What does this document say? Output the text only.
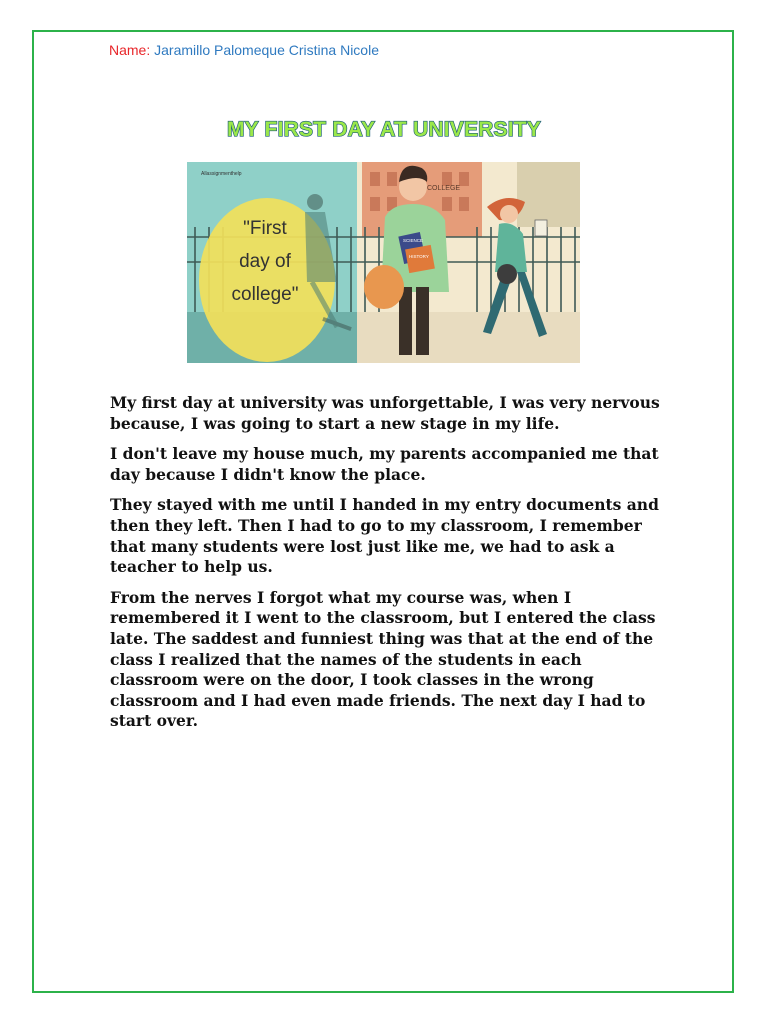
Name: Jaramillo Palomeque Cristina Nicole
MY FIRST DAY AT UNIVERSITY
COLLEGE
"First
day of
college"
Allassignmenthelp
SCIENCE
HISTORY

My first day at university was unforgettable, I was very nervous because, I was going to start a new stage in my life.

I don't leave my house much, my parents accompanied me that day because I didn't know the place.

They stayed with me until I handed in my entry documents and then they left. Then I had to go to my classroom, I remember that many students were lost just like me, we had to ask a teacher to help us.

From the nerves I forgot what my course was, when I remembered it I went to the classroom, but I entered the class late. The saddest and funniest thing was that at the end of the class I realized that the names of the students in each classroom were on the door, I took classes in the wrong classroom and I had even made friends. The next day I had to start over.
